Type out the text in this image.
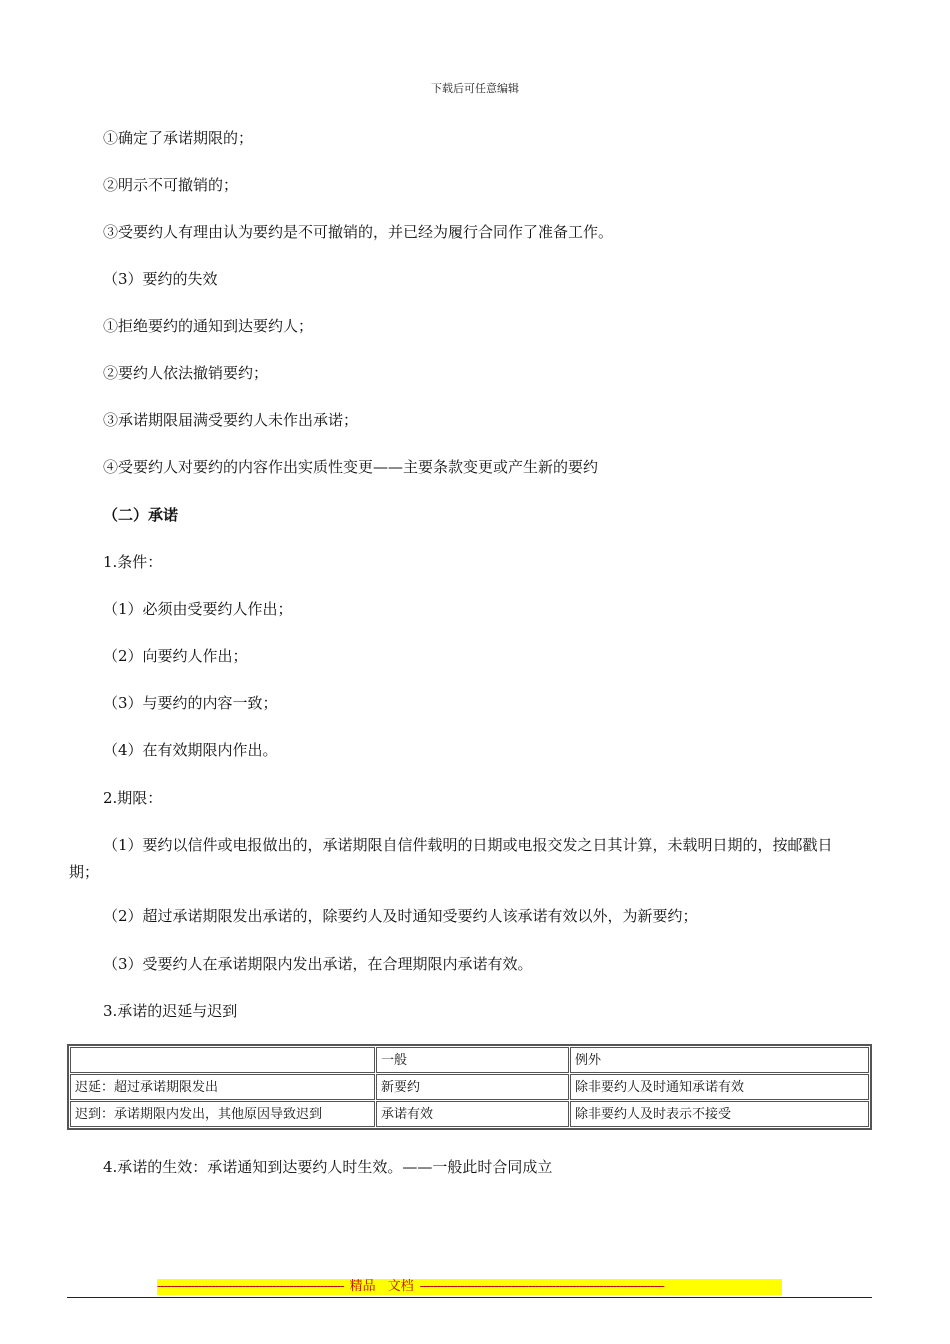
下载后可任意编辑
①确定了承诺期限的；
②明示不可撤销的；
③受要约人有理由认为要约是不可撤销的，并已经为履行合同作了准备工作。
（3）要约的失效
①拒绝要约的通知到达要约人；
②要约人依法撤销要约；
③承诺期限届满受要约人未作出承诺；
④受要约人对要约的内容作出实质性变更——主要条款变更或产生新的要约
（二）承诺
1.条件：
（1）必须由受要约人作出；
（2）向要约人作出；
（3）与要约的内容一致；
（4）在有效期限内作出。
2.期限：
（1）要约以信件或电报做出的，承诺期限自信件载明的日期或电报交发之日其计算，未载明日期的，按邮戳日期；
（2）超过承诺期限发出承诺的，除要约人及时通知受要约人该承诺有效以外，为新要约；
（3）受要约人在承诺期限内发出承诺，在合理期限内承诺有效。
3.承诺的迟延与迟到
	一般	例外
迟延：超过承诺期限发出	新要约	除非要约人及时通知承诺有效
迟到：承诺期限内发出，其他原因导致迟到	承诺有效	除非要约人及时表示不接受
4.承诺的生效：承诺通知到达要约人时生效。——一般此时合同成立
------------------------------------------------------- 精品 文档 ------------------------------------------------------------------------
